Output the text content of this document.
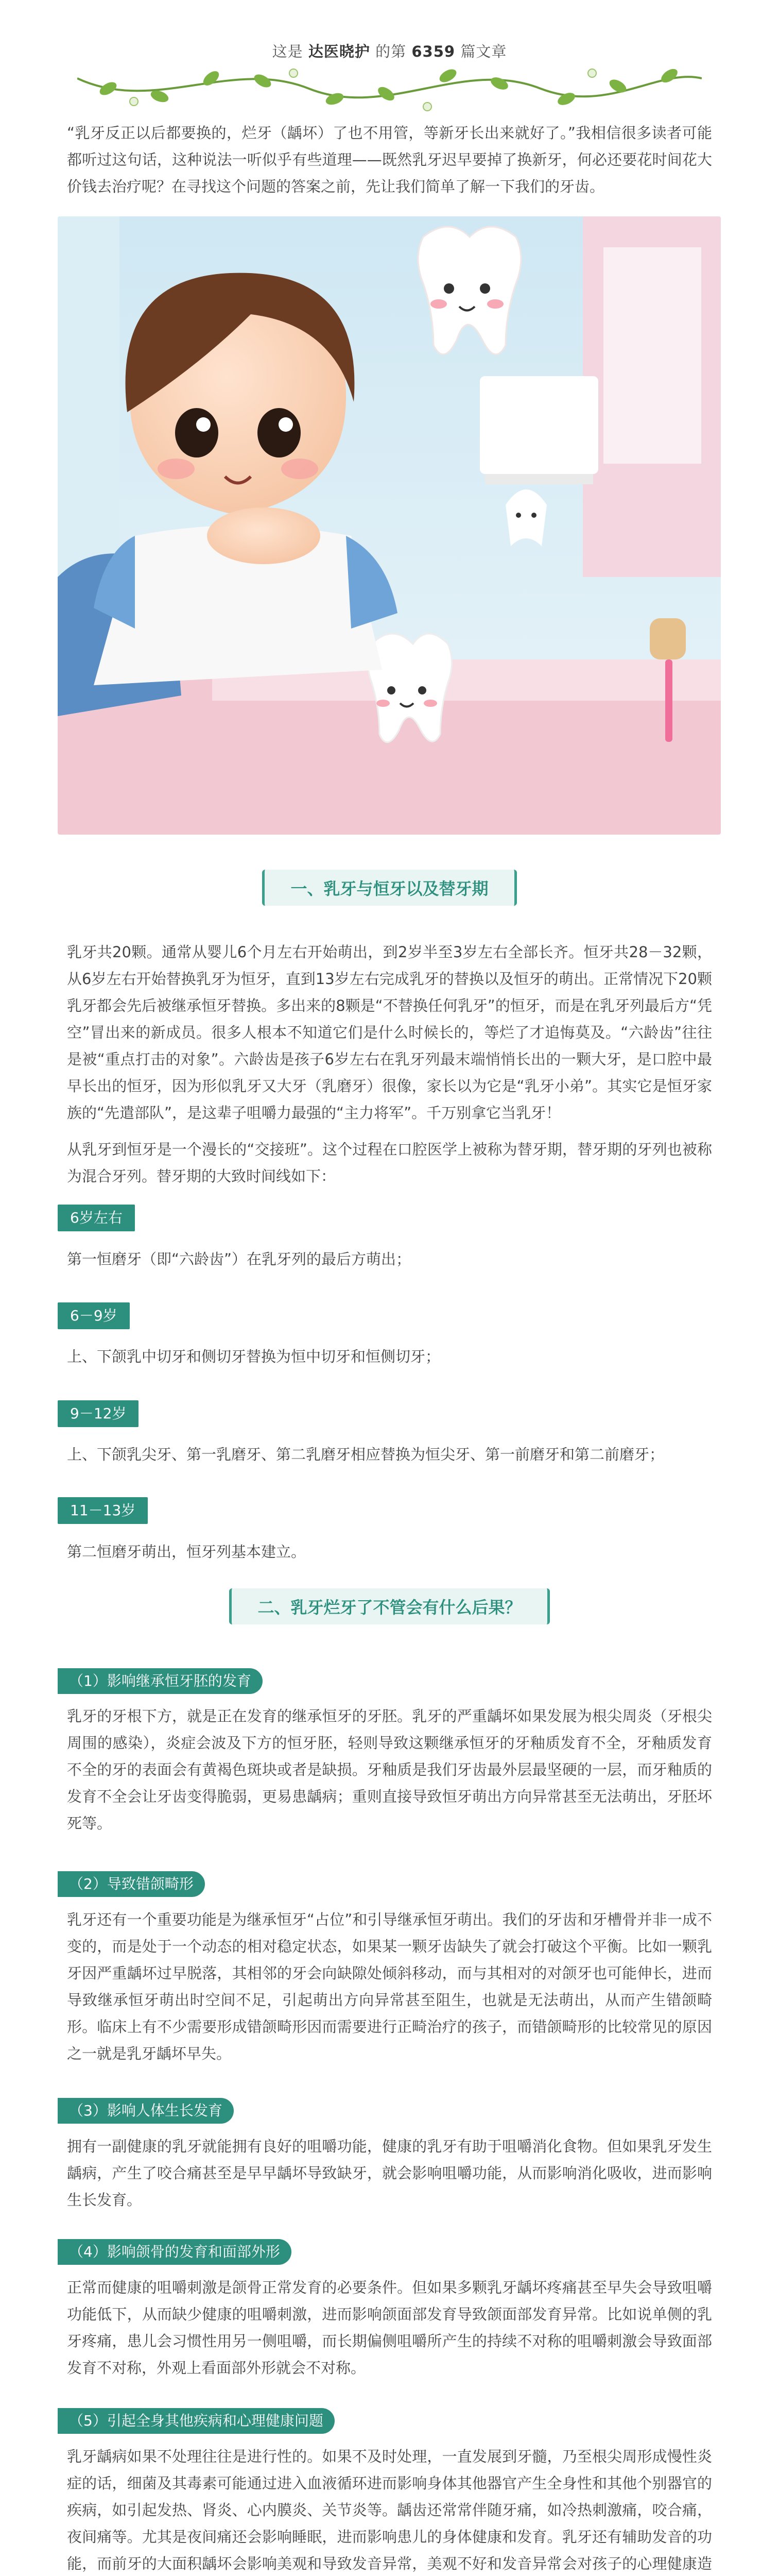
这是 达医晓护 的第 6359 篇文章

“乳牙反正以后都要换的，烂牙（龋坏）了也不用管，等新牙长出来就好了。”我相信很多读者可能都听过这句话，这种说法一听似乎有些道理——既然乳牙迟早要掉了换新牙，何必还要花时间花大价钱去治疗呢？在寻找这个问题的答案之前，先让我们简单了解一下我们的牙齿。

一、乳牙与恒牙以及替牙期

乳牙共20颗。通常从婴儿6个月左右开始萌出，到2岁半至3岁左右全部长齐。恒牙共28－32颗，从6岁左右开始替换乳牙为恒牙，直到13岁左右完成乳牙的替换以及恒牙的萌出。正常情况下20颗乳牙都会先后被继承恒牙替换。多出来的8颗是“不替换任何乳牙”的恒牙，而是在乳牙列最后方“凭空”冒出来的新成员。很多人根本不知道它们是什么时候长的，等烂了才追悔莫及。“六龄齿”往往是被“重点打击的对象”。六龄齿是孩子6岁左右在乳牙列最末端悄悄长出的一颗大牙，是口腔中最早长出的恒牙，因为形似乳牙又大牙（乳磨牙）很像，家长以为它是“乳牙小弟”。其实它是恒牙家族的“先遣部队”，是这辈子咀嚼力最强的“主力将军”。千万别拿它当乳牙！

从乳牙到恒牙是一个漫长的“交接班”。这个过程在口腔医学上被称为替牙期，替牙期的牙列也被称为混合牙列。替牙期的大致时间线如下：

6岁左右

第一恒磨牙（即“六龄齿”）在乳牙列的最后方萌出；

6－9岁

上、下颌乳中切牙和侧切牙替换为恒中切牙和恒侧切牙；

9－12岁

上、下颌乳尖牙、第一乳磨牙、第二乳磨牙相应替换为恒尖牙、第一前磨牙和第二前磨牙；

11－13岁

第二恒磨牙萌出，恒牙列基本建立。

二、乳牙烂牙了不管会有什么后果？
（1）影响继承恒牙胚的发育

乳牙的牙根下方，就是正在发育的继承恒牙的牙胚。乳牙的严重龋坏如果发展为根尖周炎（牙根尖周围的感染），炎症会波及下方的恒牙胚，轻则导致这颗继承恒牙的牙釉质发育不全，牙釉质发育不全的牙的表面会有黄褐色斑块或者是缺损。牙釉质是我们牙齿最外层最坚硬的一层，而牙釉质的发育不全会让牙齿变得脆弱，更易患龋病；重则直接导致恒牙萌出方向异常甚至无法萌出，牙胚坏死等。

（2）导致错颌畸形

乳牙还有一个重要功能是为继承恒牙“占位”和引导继承恒牙萌出。我们的牙齿和牙槽骨并非一成不变的，而是处于一个动态的相对稳定状态，如果某一颗牙齿缺失了就会打破这个平衡。比如一颗乳牙因严重龋坏过早脱落，其相邻的牙会向缺隙处倾斜移动，而与其相对的对颌牙也可能伸长，进而导致继承恒牙萌出时空间不足，引起萌出方向异常甚至阻生，也就是无法萌出，从而产生错颌畸形。临床上有不少需要形成错颌畸形因而需要进行正畸治疗的孩子，而错颌畸形的比较常见的原因之一就是乳牙龋坏早失。

（3）影响人体生长发育

拥有一副健康的乳牙就能拥有良好的咀嚼功能，健康的乳牙有助于咀嚼消化食物。但如果乳牙发生龋病，产生了咬合痛甚至是早早龋坏导致缺牙，就会影响咀嚼功能，从而影响消化吸收，进而影响生长发育。

（4）影响颌骨的发育和面部外形

正常而健康的咀嚼刺激是颌骨正常发育的必要条件。但如果多颗乳牙龋坏疼痛甚至早失会导致咀嚼功能低下，从而缺少健康的咀嚼刺激，进而影响颌面部发育导致颌面部发育异常。比如说单侧的乳牙疼痛，患儿会习惯性用另一侧咀嚼，而长期偏侧咀嚼所产生的持续不对称的咀嚼刺激会导致面部发育不对称，外观上看面部外形就会不对称。

（5）引起全身其他疾病和心理健康问题

乳牙龋病如果不处理往往是进行性的。如果不及时处理，一直发展到牙髓，乃至根尖周形成慢性炎症的话，细菌及其毒素可能通过进入血液循环进而影响身体其他器官产生全身性和其他个别器官的疾病，如引起发热、肾炎、心内膜炎、关节炎等。龋齿还常常伴随牙痛，如冷热刺激痛，咬合痛，夜间痛等。尤其是夜间痛还会影响睡眠，进而影响患儿的身体健康和发育。乳牙还有辅助发音的功能，而前牙的大面积龋坏会影响美观和导致发音异常，美观不好和发音异常会对孩子的心理健康造
